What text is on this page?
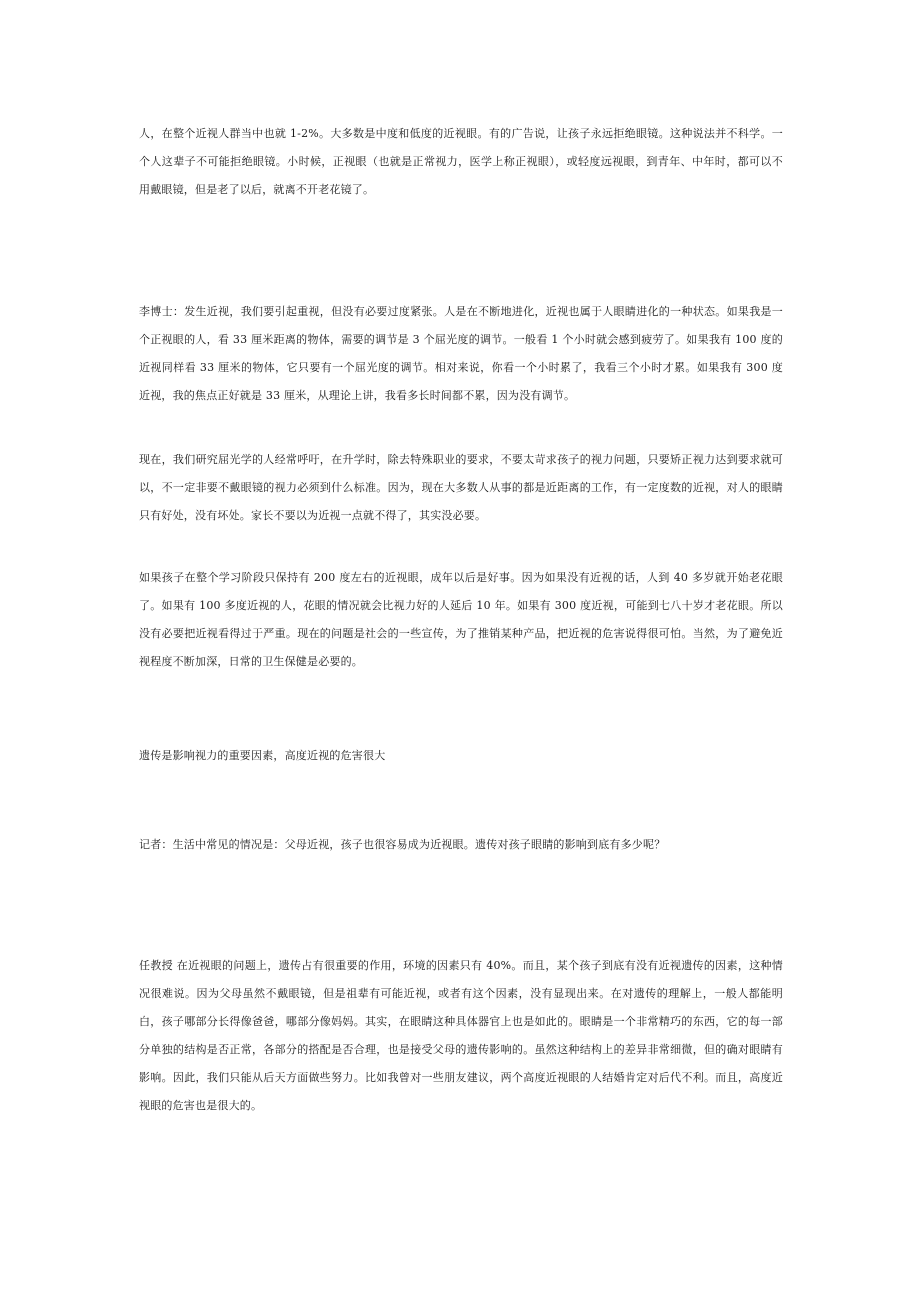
人，在整个近视人群当中也就 1-2%。大多数是中度和低度的近视眼。有的广告说，让孩子永远拒绝眼镜。这种说法并不科学。一个人这辈子不可能拒绝眼镜。小时候，正视眼（也就是正常视力，医学上称正视眼），或轻度远视眼，到青年、中年时，都可以不用戴眼镜，但是老了以后，就离不开老花镜了。

李博士：发生近视，我们要引起重视，但没有必要过度紧张。人是在不断地进化，近视也属于人眼睛进化的一种状态。如果我是一个正视眼的人，看 33 厘米距离的物体，需要的调节是 3 个屈光度的调节。一般看 1 个小时就会感到疲劳了。如果我有 100 度的近视同样看 33 厘米的物体，它只要有一个屈光度的调节。相对来说，你看一个小时累了，我看三个小时才累。如果我有 300 度近视，我的焦点正好就是 33 厘米，从理论上讲，我看多长时间都不累，因为没有调节。

现在，我们研究屈光学的人经常呼吁，在升学时，除去特殊职业的要求，不要太苛求孩子的视力问题，只要矫正视力达到要求就可以，不一定非要不戴眼镜的视力必须到什么标准。因为，现在大多数人从事的都是近距离的工作，有一定度数的近视，对人的眼睛只有好处，没有坏处。家长不要以为近视一点就不得了，其实没必要。

如果孩子在整个学习阶段只保持有 200 度左右的近视眼，成年以后是好事。因为如果没有近视的话，人到 40 多岁就开始老花眼了。如果有 100 多度近视的人，花眼的情况就会比视力好的人延后 10 年。如果有 300 度近视，可能到七八十岁才老花眼。所以没有必要把近视看得过于严重。现在的问题是社会的一些宣传，为了推销某种产品，把近视的危害说得很可怕。当然，为了避免近视程度不断加深，日常的卫生保健是必要的。

遗传是影响视力的重要因素，高度近视的危害很大

记者：生活中常见的情况是：父母近视，孩子也很容易成为近视眼。遗传对孩子眼睛的影响到底有多少呢？

任教授 在近视眼的问题上，遗传占有很重要的作用，环境的因素只有 40%。而且，某个孩子到底有没有近视遗传的因素，这种情况很难说。因为父母虽然不戴眼镜，但是祖辈有可能近视，或者有这个因素，没有显现出来。在对遗传的理解上，一般人都能明白，孩子哪部分长得像爸爸，哪部分像妈妈。其实，在眼睛这种具体器官上也是如此的。眼睛是一个非常精巧的东西，它的每一部分单独的结构是否正常，各部分的搭配是否合理，也是接受父母的遗传影响的。虽然这种结构上的差异非常细微，但的确对眼睛有影响。因此，我们只能从后天方面做些努力。比如我曾对一些朋友建议，两个高度近视眼的人结婚肯定对后代不利。而且，高度近视眼的危害也是很大的。
